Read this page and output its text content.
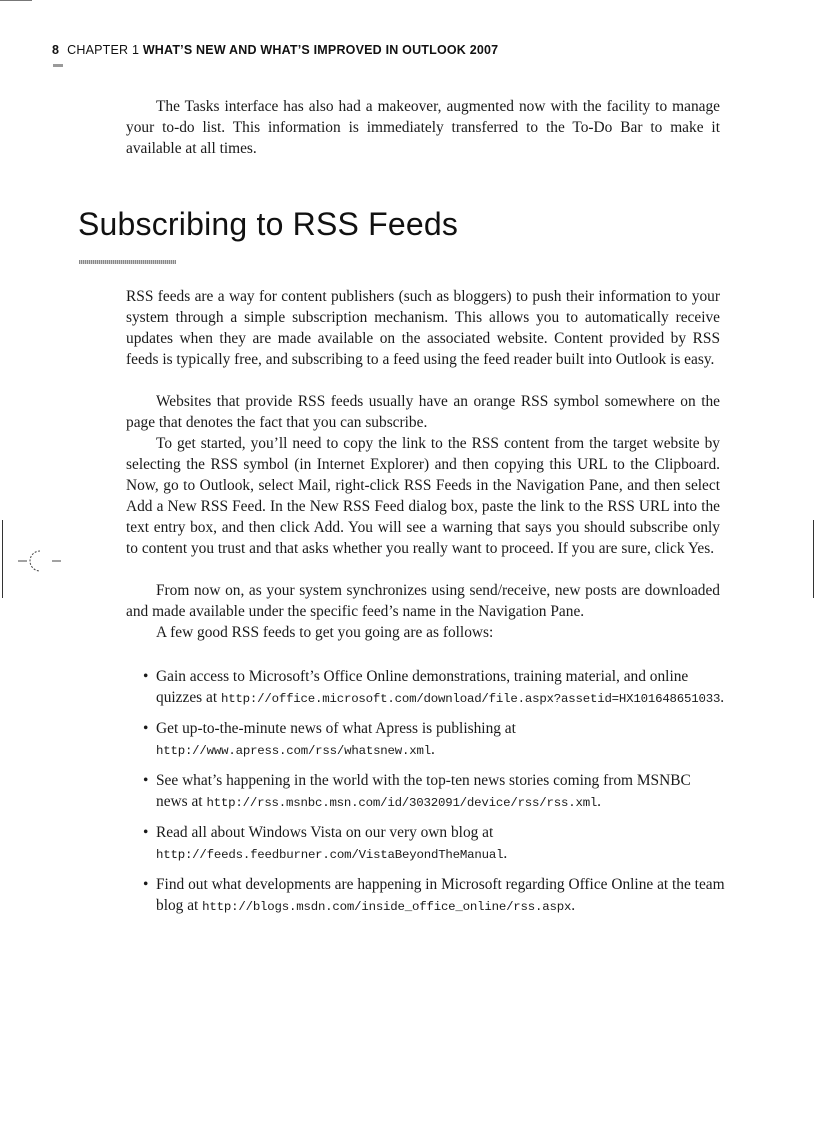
8 CHAPTER 1 WHAT’S NEW AND WHAT’S IMPROVED IN OUTLOOK 2007

The Tasks interface has also had a makeover, augmented now with the facility to manage your to-do list. This information is immediately transferred to the To-Do Bar to make it available at all times.

Subscribing to RSS Feeds

RSS feeds are a way for content publishers (such as bloggers) to push their information to your system through a simple subscription mechanism. This allows you to automatically receive updates when they are made available on the associated website. Content provided by RSS feeds is typically free, and subscribing to a feed using the feed reader built into Outlook is easy.

Websites that provide RSS feeds usually have an orange RSS symbol somewhere on the page that denotes the fact that you can subscribe.

To get started, you’ll need to copy the link to the RSS content from the target website by selecting the RSS symbol (in Internet Explorer) and then copying this URL to the Clipboard. Now, go to Outlook, select Mail, right-click RSS Feeds in the Navigation Pane, and then select Add a New RSS Feed. In the New RSS Feed dialog box, paste the link to the RSS URL into the text entry box, and then click Add. You will see a warning that says you should subscribe only to content you trust and that asks whether you really want to proceed. If you are sure, click Yes.

From now on, as your system synchronizes using send/receive, new posts are downloaded and made available under the specific feed’s name in the Navigation Pane.

A few good RSS feeds to get you going are as follows:

• Gain access to Microsoft’s Office Online demonstrations, training material, and online quizzes at http://office.microsoft.com/download/file.aspx?assetid=HX101648651033.
• Get up-to-the-minute news of what Apress is publishing at http://www.apress.com/rss/whatsnew.xml.
• See what’s happening in the world with the top-ten news stories coming from MSNBC news at http://rss.msnbc.msn.com/id/3032091/device/rss/rss.xml.
• Read all about Windows Vista on our very own blog at http://feeds.feedburner.com/VistaBeyondTheManual.
• Find out what developments are happening in Microsoft regarding Office Online at the team blog at http://blogs.msdn.com/inside_office_online/rss.aspx.
